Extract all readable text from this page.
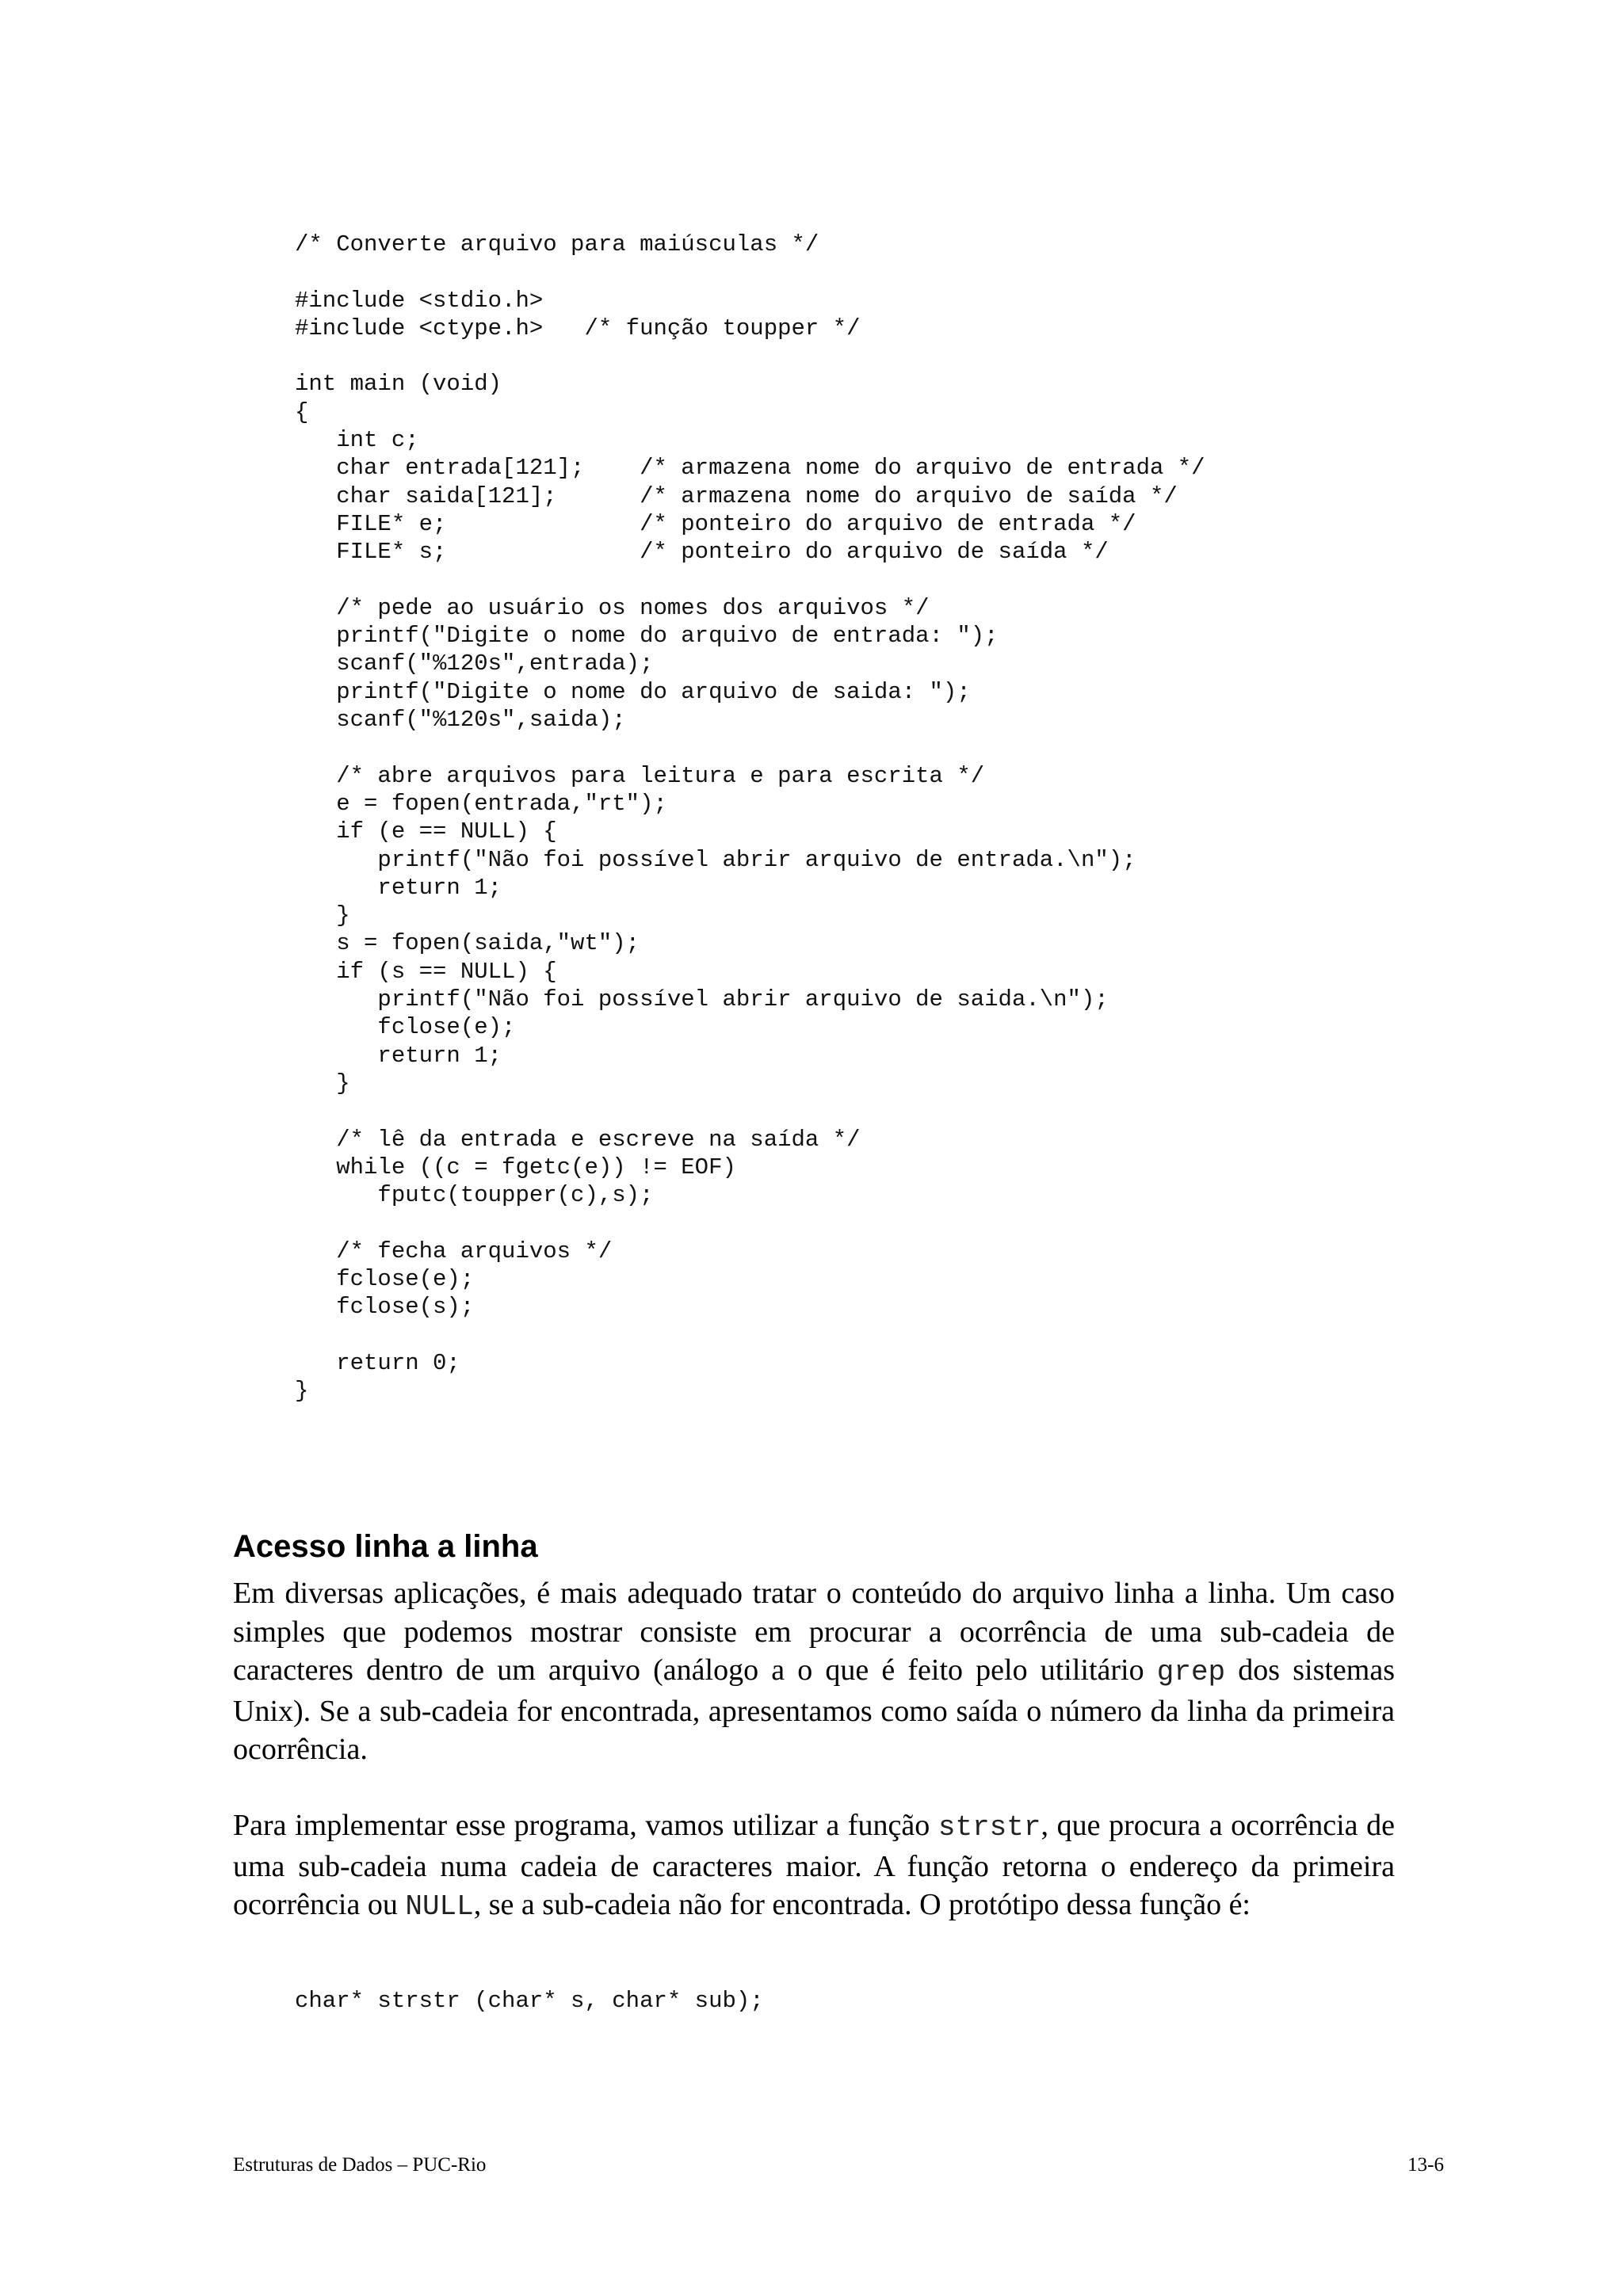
/* Converte arquivo para maiúsculas */
#include <stdio.h>
#include <ctype.h>   /* função toupper */
int main (void)
{
int c;
char entrada[121];    /* armazena nome do arquivo de entrada */
char saida[121];      /* armazena nome do arquivo de saída */
FILE* e;              /* ponteiro do arquivo de entrada */
FILE* s;              /* ponteiro do arquivo de saída */
/* pede ao usuário os nomes dos arquivos */
printf("Digite o nome do arquivo de entrada: ");
scanf("%120s",entrada);
printf("Digite o nome do arquivo de saida: ");
scanf("%120s",saida);
/* abre arquivos para leitura e para escrita */
e = fopen(entrada,"rt");
if (e == NULL) {
printf("Não foi possível abrir arquivo de entrada.\n");
return 1;
}
s = fopen(saida,"wt");
if (s == NULL) {
printf("Não foi possível abrir arquivo de saida.\n");
fclose(e);
return 1;
}
/* lê da entrada e escreve na saída */
while ((c = fgetc(e)) != EOF)
fputc(toupper(c),s);
/* fecha arquivos */
fclose(e);
fclose(s);
return 0;
}
Acesso linha a linha

Em diversas aplicações, é mais adequado tratar o conteúdo do arquivo linha a linha. Um caso simples que podemos mostrar consiste em procurar a ocorrência de uma sub-cadeia de caracteres dentro de um arquivo (análogo a o que é feito pelo utilitário grep dos sistemas Unix). Se a sub-cadeia for encontrada, apresentamos como saída o número da linha da primeira ocorrência.

Para implementar esse programa, vamos utilizar a função strstr, que procura a ocorrência de uma sub-cadeia numa cadeia de caracteres maior. A função retorna o endereço da primeira ocorrência ou NULL, se a sub-cadeia não for encontrada. O protótipo dessa função é:

char* strstr (char* s, char* sub);
Estruturas de Dados – PUC-Rio	13-6
